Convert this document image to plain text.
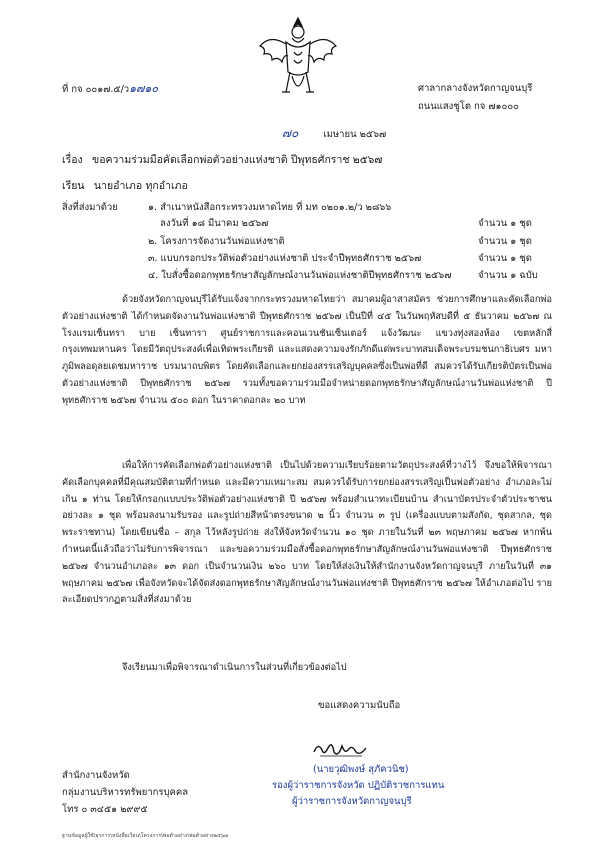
ที่ กจ ๐๐๑๗.๕/ว๑๗๑๐	ศาลากลางจังหวัดกาญจนบุรี
ถนนแสงชูโต กจ ๗๑๐๐๐
๗๐	เมษายน ๒๕๖๗
เรื่อง ขอความร่วมมือคัดเลือกพ่อตัวอย่างแห่งชาติ ปีพุทธศักราช ๒๕๖๗
เรียน นายอำเภอ ทุกอำเภอ
สิ่งที่ส่งมาด้วย	๑. สำเนาหนังสือกระทรวงมหาดไทย ที่ มท ๐๒๐๑.๒/ว ๒๘๖๖
ลงวันที่ ๑๘ มีนาคม ๒๕๖๗	จำนวน ๑ ชุด
๒. โครงการจัดงานวันพ่อแห่งชาติ	จำนวน ๑ ชุด
๓. แบบกรอกประวัติพ่อตัวอย่างแห่งชาติ ประจำปีพุทธศักราช ๒๕๖๗	จำนวน ๑ ชุด
๔. ใบสั่งซื้อดอกพุทธรักษาสัญลักษณ์งานวันพ่อแห่งชาติปีพุทธศักราช ๒๕๖๗	จำนวน ๑ ฉบับ
ด้วยจังหวัดกาญจนบุรีได้รับแจ้งจากกระทรวงมหาดไทยว่า สมาคมผู้อาสาสมัคร ช่วยการศึกษาและคัดเลือกพ่อตัวอย่างแห่งชาติ ได้กำหนดจัดงานวันพ่อแห่งชาติ ปีพุทธศักราช ๒๕๖๗ เป็นปีที่ ๔๕ ในวันพฤหัสบดีที่ ๕ ธันวาคม ๒๕๖๗ ณ โรงแรมเซ็นทรา บาย เซ็นทารา ศูนย์ราชการและคอนเวนชันเซ็นเตอร์ แจ้งวัฒนะ แขวงทุ่งสองห้อง เขตหลักสี่ กรุงเทพมหานคร โดยมีวัตถุประสงค์เพื่อเทิดพระเกียรติ และแสดงความจงรักภักดีแด่พระบาทสมเด็จพระบรมชนกาธิเบศร มหาภูมิพลอดุลยเดชมหาราช บรมนาถบพิตร โดยคัดเลือกและยกย่องสรรเสริญบุคคลซึ่งเป็นพ่อที่ดี สมควรได้รับเกียรติบัตรเป็นพ่อตัวอย่างแห่งชาติ ปีพุทธศักราช ๒๕๖๗ รวมทั้งขอความร่วมมือจำหน่ายดอกพุทธรักษาสัญลักษณ์งานวันพ่อแห่งชาติ ปีพุทธศักราช ๒๕๖๗ จำนวน ๕๐๐ ดอก ในราคาดอกละ ๒๐ บาท
เพื่อให้การคัดเลือกพ่อตัวอย่างแห่งชาติ เป็นไปด้วยความเรียบร้อยตามวัตถุประสงค์ที่วางไว้ จึงขอให้พิจารณาคัดเลือกบุคคลที่มีคุณสมบัติตามที่กำหนด และมีความเหมาะสม สมควรได้รับการยกย่องสรรเสริญเป็นพ่อตัวอย่าง อำเภอละไม่เกิน ๑ ท่าน โดยให้กรอกแบบประวัติพ่อตัวอย่างแห่งชาติ ปี ๒๕๖๗ พร้อมสำเนาทะเบียนบ้าน สำเนาบัตรประจำตัวประชาชน อย่างละ ๑ ชุด พร้อมลงนามรับรอง และรูปถ่ายสีหน้าตรงขนาด ๒ นิ้ว จำนวน ๓ รูป (เครื่องแบบตามสังกัด, ชุดสากล, ชุดพระราชทาน) โดยเขียนชื่อ – สกุล ไว้หลังรูปถ่าย ส่งให้จังหวัดจำนวน ๑๐ ชุด ภายในวันที่ ๒๓ พฤษภาคม ๒๕๖๗ หากพ้นกำหนดนี้แล้วถือว่าไม่รับการพิจารณา และขอความร่วมมือสั่งซื้อดอกพุทธรักษาสัญลักษณ์งานวันพ่อแห่งชาติ ปีพุทธศักราช ๒๕๖๗ จำนวนอำเภอละ ๑๓ ดอก เป็นจำนวนเงิน ๒๖๐ บาท โดยให้ส่งเงินให้สำนักงานจังหวัดกาญจนบุรี ภายในวันที่ ๓๑ พฤษภาคม ๒๕๖๗ เพื่อจังหวัดจะได้จัดส่งดอกพุทธรักษาสัญลักษณ์งานวันพ่อแห่งชาติ ปีพุทธศักราช ๒๕๖๗ ให้อำเภอต่อไป รายละเอียดปรากฏตามสิ่งที่ส่งมาด้วย
จึงเรียนมาเพื่อพิจารณาดำเนินการในส่วนที่เกี่ยวข้องต่อไป
ขอแสดงความนับถือ
(นายวุฒิพงษ์ สุภัควนิช)
รองผู้ว่าราชการจังหวัด ปฏิบัติราชการแทน
ผู้ว่าราชการจังหวัดกาญจนบุรี
สำนักงานจังหวัด
กลุ่มงานบริหารทรัพยากรบุคคล
โทร ๐ ๓๔๕๑ ๒๙๙๕
ฐานข้อมูลผู้ใช้\ธุรการ\หนังสือเวียน\โครงการ\พ่อตัวอย่าง\พ่อตัวอย่าง๒๕๖๗
